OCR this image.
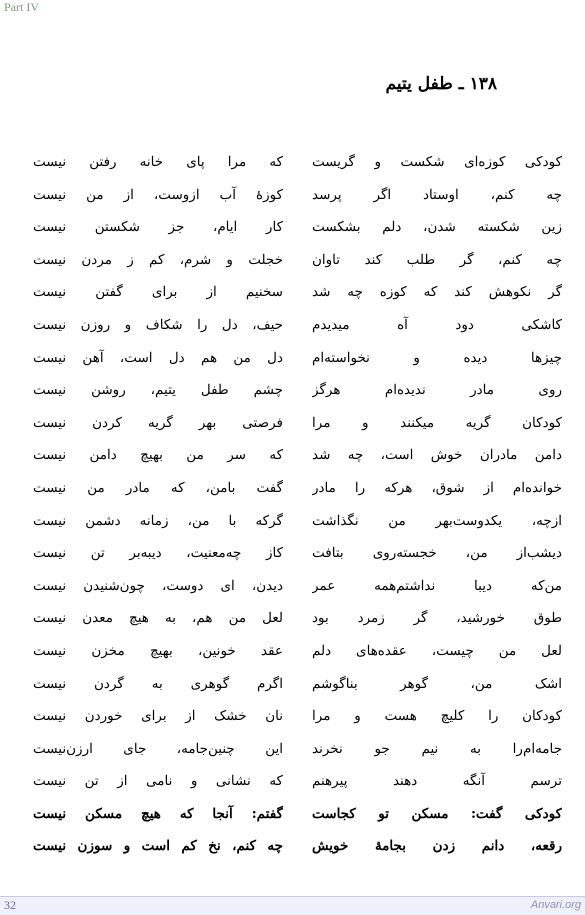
Part IV
۱۳۸ ـ طفل یتیم
کودکی کوزه‌ای شکست و گریست
چه کنم، اوستاد اگر پرسد
زین شکسته شدن، دلم بشکست
چه کنم، گر طلب کند تاوان
گر نکوهش کند که کوزه چه شد
کاشکی دود آه میدیدم
چیزها دیده و نخواسته‌ام
روی مادر ندیده‌ام هرگز
کودکان گریه میکنند و مرا
دامن مادران خوش است، چه شد
خوانده‌ام از شوق، هرکه را مادر
ازچه، یکدوست‌بهر من نگذاشت
دیشب‌از من، خجسته‌روی بتافت
من‌که دیبا نداشتم‌همه عمر
طوق خورشید، گر زمرد بود
لعل من چیست، عقده‌های دلم
اشک من، گوهر بناگوشم
کودکان را کلیچ هست و مرا
جامه‌ام‌را به نیم جو نخرند
ترسم آنگه دهند پیرهنم
کودکی گفت: مسکن تو کجاست
رقعه، دانم زدن بجامهٔ خویش
که مرا پای خانه رفتن نیست
کوزهٔ آب ازوست، از من نیست
کار ایام، جز شکستن نیست
خجلت و شرم، کم ز مردن نیست
سخنیم از برای گفتن نیست
حیف، دل را شکاف و روزن نیست
دل من هم دل است، آهن نیست
چشم طفل یتیم، روشن نیست
فرصتی بهر گریه کردن نیست
که سر من بهیچ دامن نیست
گفت بامن، که مادر من نیست
گرکه با من، زمانه دشمن نیست
کاز چه‌معنیت، دیبه‌بر تن نیست
دیدن، ای دوست، چون‌شنیدن نیست
لعل من هم، به هیچ معدن نیست
عقد خونین، بهیچ مخزن نیست
اگرم گوهری به گردن نیست
نان خشک از برای خوردن نیست
این چنین‌جامه، جای ارزن‌نیست
که نشانی و نامی از تن نیست
گفتم: آنجا که هیچ مسکن نیست
چه کنم، نخ کم است و سوزن نیست
32	Anvari.org
